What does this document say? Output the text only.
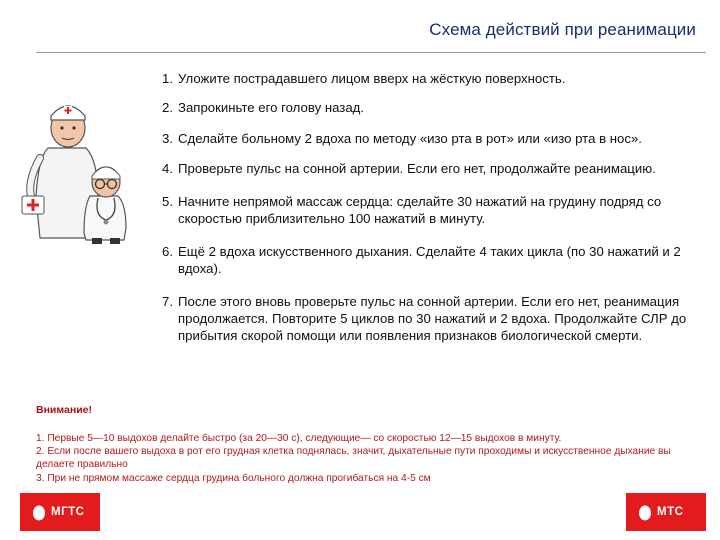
Схема действий при реанимации
1. Уложите пострадавшего лицом вверх на жёсткую поверхность.
2. Запрокиньте его голову назад.
3. Сделайте больному 2 вдоха по методу «изо рта в рот» или «изо рта в нос».
4. Проверьте пульс на сонной артерии. Если его нет, продолжайте реанимацию.
5. Начните непрямой массаж сердца: сделайте 30 нажатий на грудину подряд со скоростью приблизительно 100 нажатий в минуту.
6. Ещё 2 вдоха искусственного дыхания. Сделайте 4 таких цикла (по 30 нажатий и 2 вдоха).
7. После этого вновь проверьте пульс на сонной артерии. Если его нет, реанимация продолжается. Повторите 5 циклов по 30 нажатий и 2 вдоха. Продолжайте СЛР до прибытия скорой помощи или появления признаков биологической смерти.
Внимание!

1. Первые 5—10 выдохов делайте быстро (за 20—30 с), следующие— со скоростью 12—15 выдохов в минуту.

2. Если после вашего выдоха в рот его грудная клетка поднялась, значит, дыхательные пути проходимы и искусственное дыхание вы делаете правильно

3. При не прямом массаже сердца грудина больного должна прогибаться на 4-5 см

МГТС	МТС
